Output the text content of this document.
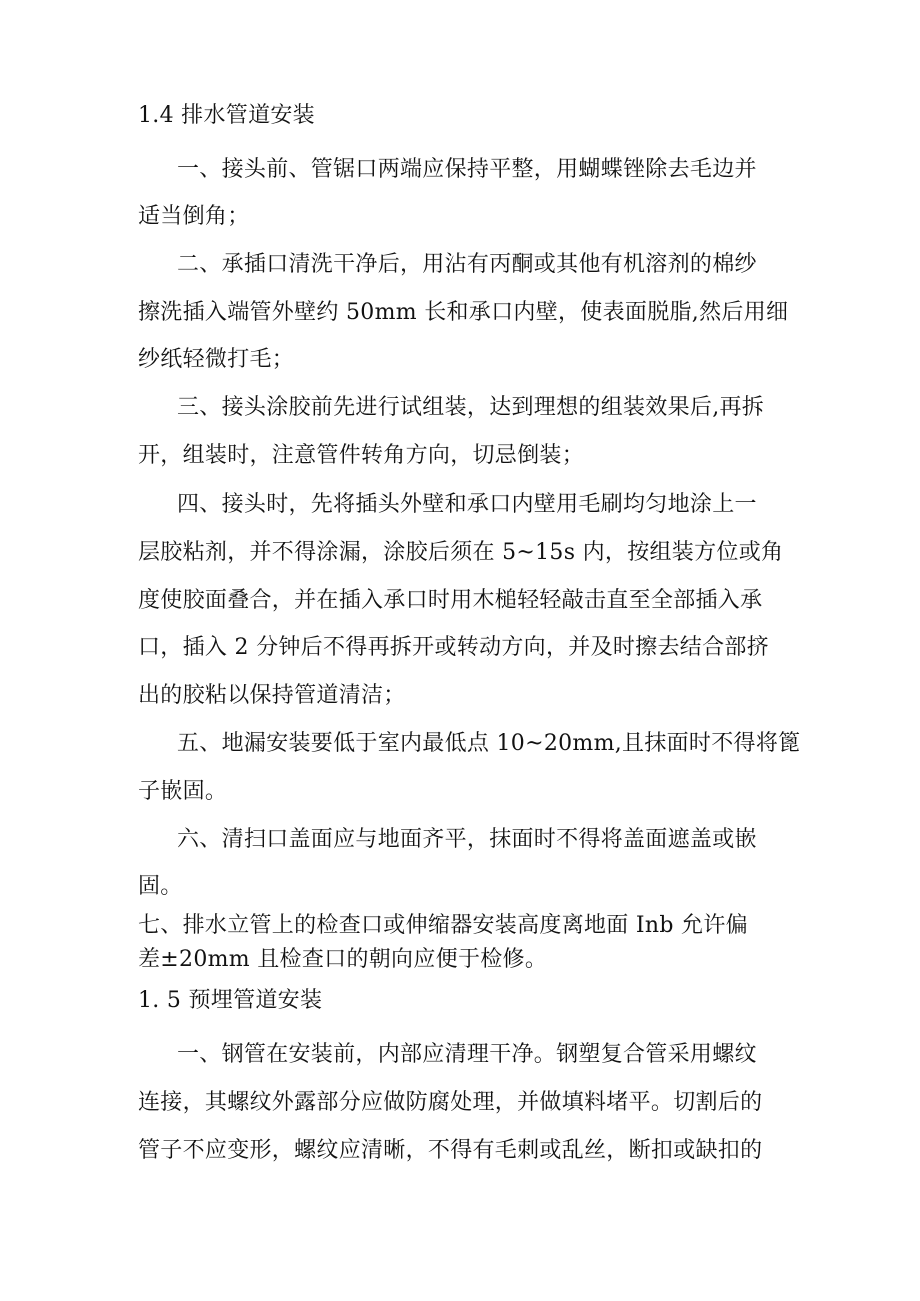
1.4 排水管道安装
一、接头前、管锯口两端应保持平整，用蝴蝶锉除去毛边并
适当倒角；
二、承插口清洗干净后，用沾有丙酮或其他有机溶剂的棉纱
擦洗插入端管外壁约 50mm 长和承口内壁，使表面脱脂,然后用细
纱纸轻微打毛；
三、接头涂胶前先进行试组装，达到理想的组装效果后,再拆
开，组装时，注意管件转角方向，切忌倒装；
四、接头时，先将插头外壁和承口内壁用毛刷均匀地涂上一
层胶粘剂，并不得涂漏，涂胶后须在 5~15s 内，按组装方位或角
度使胶面叠合，并在插入承口时用木槌轻轻敲击直至全部插入承
口，插入 2 分钟后不得再拆开或转动方向，并及时擦去结合部挤
出的胶粘以保持管道清洁；
五、地漏安装要低于室内最低点 10~20mm,且抹面时不得将篦
子嵌固。
六、清扫口盖面应与地面齐平，抹面时不得将盖面遮盖或嵌
固。
七、排水立管上的检查口或伸缩器安装高度离地面 Inb 允许偏
差±20mm 且检查口的朝向应便于检修。
1. 5 预埋管道安装
一、钢管在安装前，内部应清理干净。钢塑复合管采用螺纹
连接，其螺纹外露部分应做防腐处理，并做填料堵平。切割后的
管子不应变形，螺纹应清晰，不得有毛刺或乱丝，断扣或缺扣的
